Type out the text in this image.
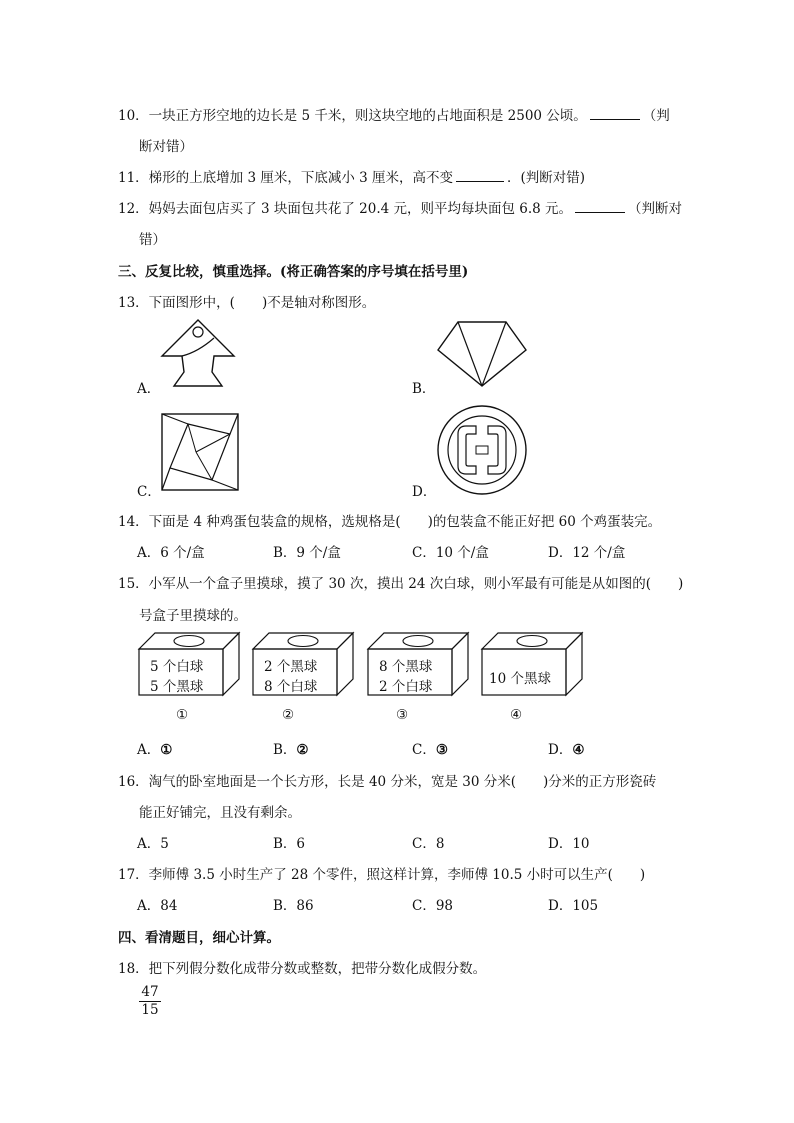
10．一块正方形空地的边长是 5 千米，则这块空地的占地面积是 2500 公顷。	（判
断对错）
11．梯形的上底增加 3 厘米，下底减小 3 厘米，高不变	．(判断对错)
12．妈妈去面包店买了 3 块面包共花了 20.4 元，则平均每块面包 6.8 元。	（判断对
错）
三、反复比较，慎重选择。(将正确答案的序号填在括号里)
13．下面图形中，(　　)不是轴对称图形。
A．	B．
C．	D．
14．下面是 4 种鸡蛋包装盒的规格，选规格是(　　)的包装盒不能正好把 60 个鸡蛋装完。
A．6 个/盒	B．9 个/盒	C．10 个/盒	D．12 个/盒
15．小军从一个盒子里摸球，摸了 30 次，摸出 24 次白球，则小军最有可能是从如图的(　　)
号盒子里摸球的。
5 个白球
5 个黑球
①
2 个黑球
8 个白球
②
8 个黑球
2 个白球
③
10 个黑球
④
A．①	B．②	C．③	D．④
16．淘气的卧室地面是一个长方形，长是 40 分米，宽是 30 分米(　　)分米的正方形瓷砖
能正好铺完，且没有剩余。
A．5	B．6	C．8	D．10
17．李师傅 3.5 小时生产了 28 个零件，照这样计算，李师傅 10.5 小时可以生产(　　)
A．84	B．86	C．98	D．105
四、看清题目，细心计算。
18．把下列假分数化成带分数或整数，把带分数化成假分数。
$\frac{47}{15}$
